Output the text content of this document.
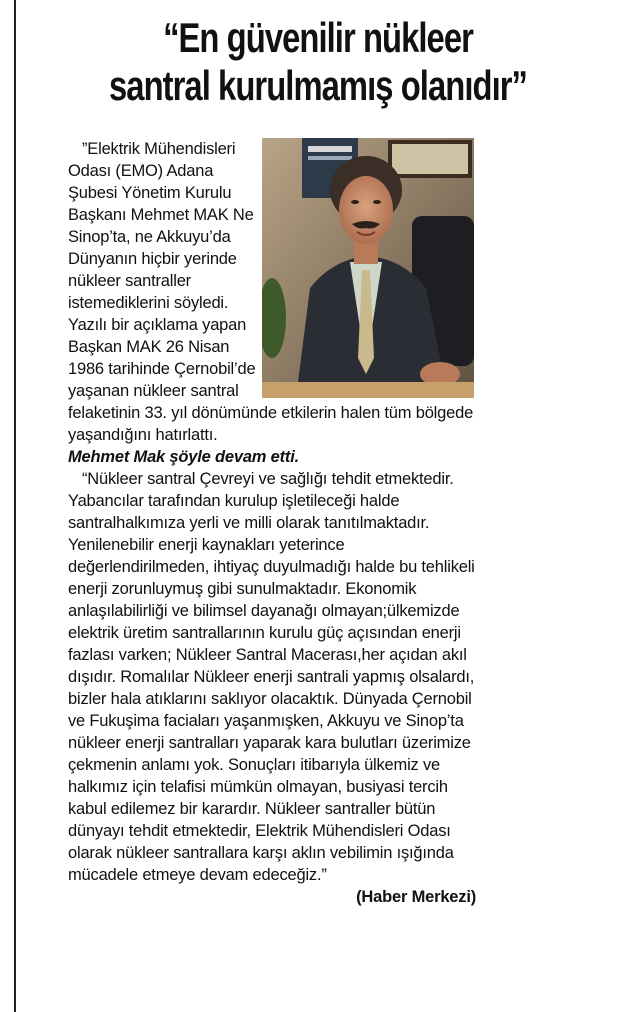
“En güvenilir nükleer
santral kurulmamış olanıdır”

”Elektrik Mühendisleri Odası (EMO) Adana Şubesi Yönetim Kurulu Başkanı Mehmet MAK Ne Sinop’ta, ne Akkuyu’da Dünyanın hiçbir yerinde nükleer santraller istemediklerini söyledi. Yazılı bir açıklama yapan Başkan MAK 26 Nisan 1986 tarihinde Çernobil’de yaşanan nükleer santral felaketinin 33. yıl dönümünde etkilerin halen tüm bölgede yaşandığını hatırlattı.

Mehmet Mak şöyle devam etti.

“Nükleer santral Çevreyi ve sağlığı tehdit etmektedir. Yabancılar tarafından kurulup işletileceği halde santralhalkımıza yerli ve milli olarak tanıtılmaktadır. Yenilenebilir enerji kaynakları yeterince değerlendirilmeden, ihtiyaç duyulmadığı halde bu tehlikeli enerji zorunluymuş gibi sunulmaktadır. Ekonomik anlaşılabilirliği ve bilimsel dayanağı olmayan;ülkemizde elektrik üretim santrallarının kurulu güç açısından enerji fazlası varken; Nükleer Santral Macerası,her açıdan akıl dışıdır. Romalılar Nükleer enerji santrali yapmış olsalardı, bizler hala atıklarını saklıyor olacaktık. Dünyada Çernobil ve Fukuşima faciaları yaşanmışken, Akkuyu ve Sinop’ta nükleer enerji santralları yaparak kara bulutları üzerimize çekmenin anlamı yok. Sonuçları itibarıyla ülkemiz ve halkımız için telafisi mümkün olmayan, busiyasi tercih kabul edilemez bir karardır. Nükleer santraller bütün dünyayı tehdit etmektedir, Elektrik Mühendisleri Odası olarak nükleer santrallara karşı aklın vebilimin ışığında mücadele etmeye devam edeceğiz.”

(Haber Merkezi)
